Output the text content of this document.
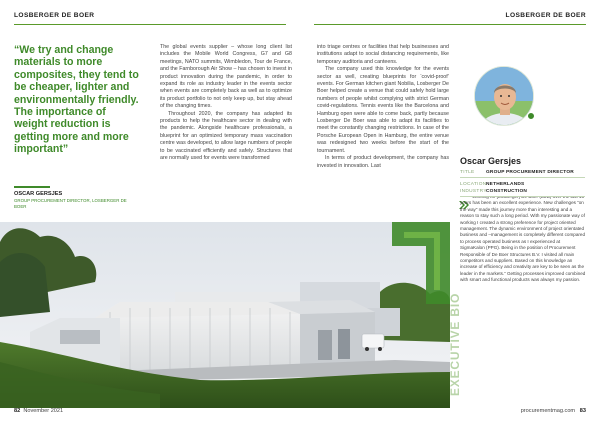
LOSBERGER DE BOER
“We try and change materials to more composites, they tend to be cheaper, lighter and environmentally friendly. The importance of weight reduction is getting more and more important”
OSCAR GERSJES
GROUP PROCUREMENT DIRECTOR, LOSBERGER DE BOER

The global events supplier – whose long client list includes the Mobile World Congress, G7 and G8 meetings, NATO summits, Wimbledon, Tour de France, and the Farnborough Air Show – has chosen to invest in product innovation during the pandemic, in order to expand its role as industry leader in the events sector when events are completely back as well as to optimize its product portfolio to not only keep up, but stay ahead of the changing times.

Throughout 2020, the company has adapted its products to help the healthcare sector in dealing with the pandemic. Alongside healthcare professionals, a blueprint for an optimized temporary mass vaccination centre was developed, to allow large numbers of people to be vaccinated efficiently and safely. Structures that are normally used for events were transformed

82 November 2021
LOSBERGER DE BOER
procurementmag.com 83

into triage centres or facilities that help businesses and institutions adapt to social distancing requirements, like temporary auditoria and canteens.

The company used this knowledge for the events sector as well, creating blueprints for ‘covid-proof’ events. For German kitchen giant Nobilia, Losberger De Boer helped create a venue that could safely hold large numbers of people whilst complying with strict German covid-regulations. Tennis events like the Barcelona and Hamburg open were able to come back, partly because Losberger De Boer was able to adapt its facilities to meet the constantly changing restrictions. In case of the Porsche European Open in Hamburg, the entire venue was redesigned two weeks before the start of the tournament.

In terms of product development, the company has invested in innovation. Last	Oscar Gersjes
TITLE GROUP PROCUREMENT DIRECTOR
years has been an excellent experience. New challenges “on the way” made this journey more than interesting and a reason to stay such a long period. With my passionate way of working I created a strong preference for project oriented management. The dynamic environment of project orientated business and –management is completely different compared to process operated business as I experienced at SigmaKalon (PPG). Being in the position of Procurement Responsible of De Boer Structures B.V. I visited all main competitors and suppliers. Based on this knowledge an increase of efficiency and creativity are key to be seen as the leader in the markets.” Getting processes improved combined with smart and functional products was always my passion.
LOCATIONNETHERLANDS
INDUSTRYCONSTRUCTION
EXECUTIVE BIO
